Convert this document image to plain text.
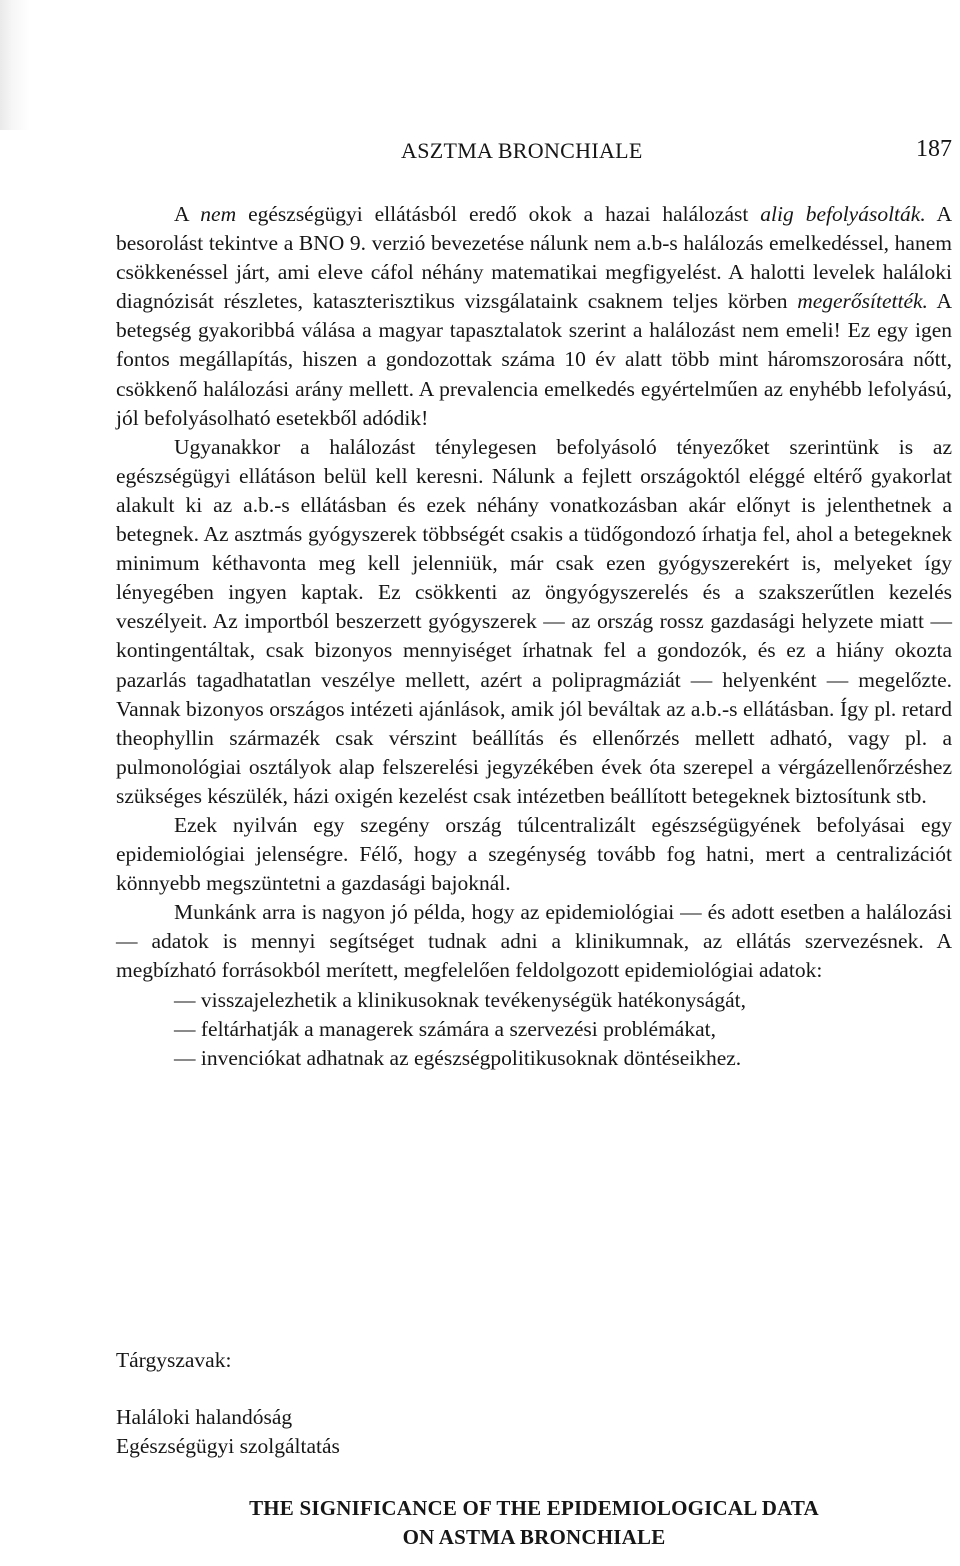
ASZTMA BRONCHIALE	187

A nem egészségügyi ellátásból eredő okok a hazai halálozást alig befolyásolták. A besorolást tekintve a BNO 9. verzió bevezetése nálunk nem a.b-s halálozás emelkedéssel, hanem csökkenéssel járt, ami eleve cáfol néhány matematikai megfigyelést. A halotti levelek haláloki diagnózisát részletes, kataszterisztikus vizsgálataink csaknem teljes körben megerősítették. A betegség gyakoribbá válása a magyar tapasztalatok szerint a halálozást nem emeli! Ez egy igen fontos megállapítás, hiszen a gondozottak száma 10 év alatt több mint háromszorosára nőtt, csökkenő halálozási arány mellett. A prevalencia emelkedés egyértelműen az enyhébb lefolyású, jól befolyásolható esetekből adódik!

Ugyanakkor a halálozást ténylegesen befolyásoló tényezőket szerintünk is az egészségügyi ellátáson belül kell keresni. Nálunk a fejlett országoktól eléggé eltérő gyakorlat alakult ki az a.b.-s ellátásban és ezek néhány vonatkozásban akár előnyt is jelenthetnek a betegnek. Az asztmás gyógyszerek többségét csakis a tüdőgondozó írhatja fel, ahol a betegeknek minimum kéthavonta meg kell jelenniük, már csak ezen gyógyszerekért is, melyeket így lényegében ingyen kaptak. Ez csökkenti az öngyógyszerelés és a szakszerűtlen kezelés veszélyeit. Az importból beszerzett gyógyszerek — az ország rossz gazdasági helyzete miatt — kontingentáltak, csak bizonyos mennyiséget írhatnak fel a gondozók, és ez a hiány okozta pazarlás tagadhatatlan veszélye mellett, azért a polipragmáziát — helyenként — megelőzte. Vannak bizonyos országos intézeti ajánlások, amik jól beváltak az a.b.-s ellátásban. Így pl. retard theophyllin származék csak vérszint beállítás és ellenőrzés mellett adható, vagy pl. a pulmonológiai osztályok alap felszerelési jegyzékében évek óta szerepel a vérgázellenőrzéshez szükséges készülék, házi oxigén kezelést csak intézetben beállított betegeknek biztosítunk stb.

Ezek nyilván egy szegény ország túlcentralizált egészségügyének befolyásai egy epidemiológiai jelenségre. Félő, hogy a szegénység tovább fog hatni, mert a centralizációt könnyebb megszüntetni a gazdasági bajoknál.

Munkánk arra is nagyon jó példa, hogy az epidemiológiai — és adott esetben a halálozási — adatok is mennyi segítséget tudnak adni a klinikumnak, az ellátás szervezésnek. A megbízható forrásokból merített, megfelelően feldolgozott epidemiológiai adatok:

— visszajelezhetik a klinikusoknak tevékenységük hatékonyságát,
— feltárhatják a managerek számára a szervezési problémákat,
— invenciókat adhatnak az egészségpolitikusoknak döntéseikhez.
Tárgyszavak:
Haláloki halandóság
Egészségügyi szolgáltatás
THE SIGNIFICANCE OF THE EPIDEMIOLOGICAL DATA
ON ASTMA BRONCHIALE
